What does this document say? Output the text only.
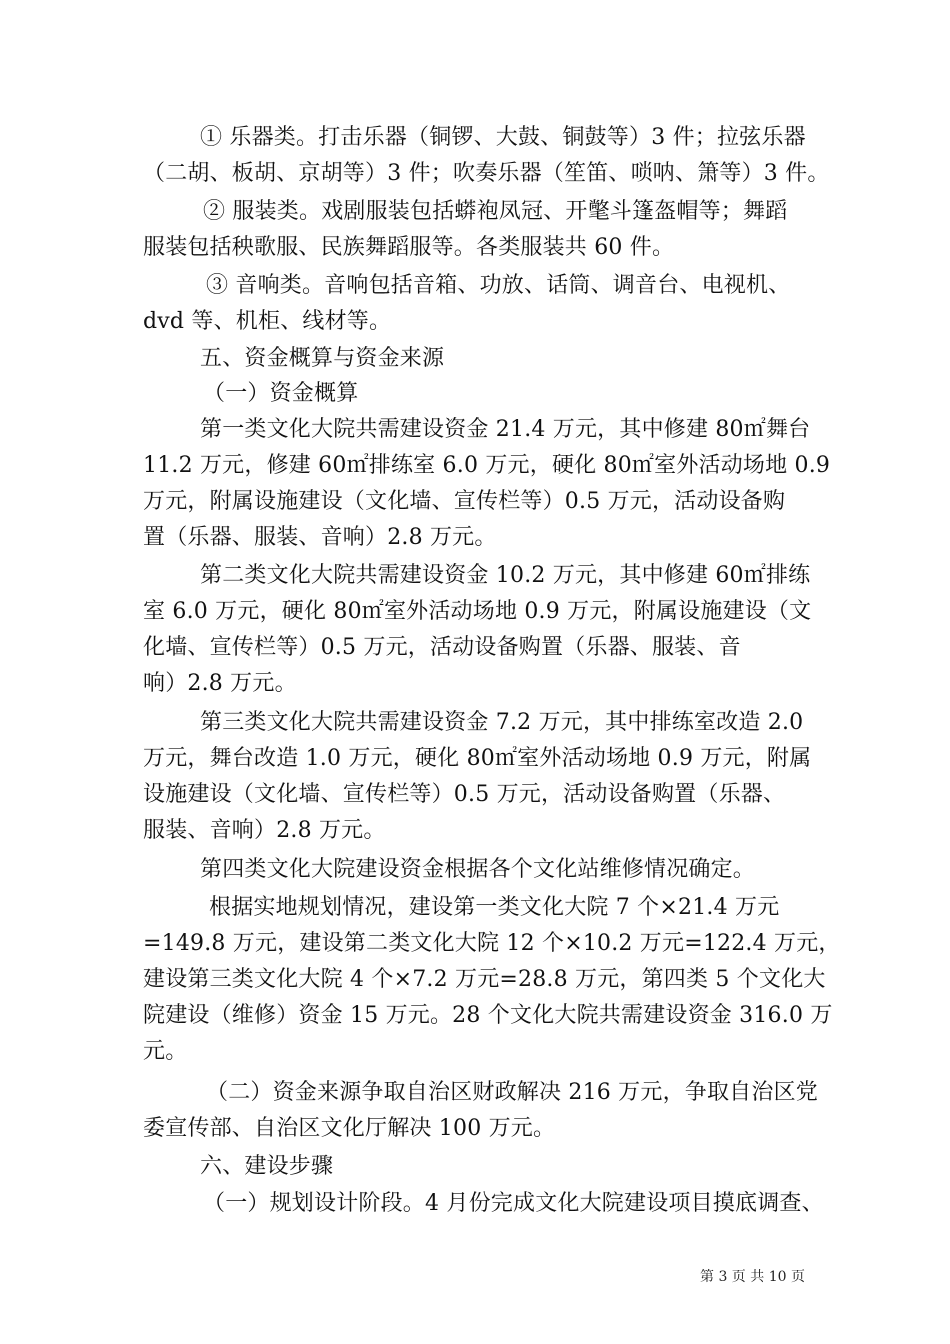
① 乐器类。打击乐器（铜锣、大鼓、铜鼓等）3 件；拉弦乐器
（二胡、板胡、京胡等）3 件；吹奏乐器（笙笛、唢呐、箫等）3 件。
② 服装类。戏剧服装包括蟒袍凤冠、开氅斗篷盔帽等；舞蹈
服装包括秧歌服、民族舞蹈服等。各类服装共 60 件。
③ 音响类。音响包括音箱、功放、话筒、调音台、电视机、
dvd 等、机柜、线材等。
五、资金概算与资金来源
（一）资金概算
第一类文化大院共需建设资金 21.4 万元，其中修建 80㎡舞台
11.2 万元，修建 60㎡排练室 6.0 万元，硬化 80㎡室外活动场地 0.9
万元，附属设施建设（文化墙、宣传栏等）0.5 万元，活动设备购
置（乐器、服装、音响）2.8 万元。
第二类文化大院共需建设资金 10.2 万元，其中修建 60㎡排练
室 6.0 万元，硬化 80㎡室外活动场地 0.9 万元，附属设施建设（文
化墙、宣传栏等）0.5 万元，活动设备购置（乐器、服装、音
响）2.8 万元。
第三类文化大院共需建设资金 7.2 万元，其中排练室改造 2.0
万元，舞台改造 1.0 万元，硬化 80㎡室外活动场地 0.9 万元，附属
设施建设（文化墙、宣传栏等）0.5 万元，活动设备购置（乐器、
服装、音响）2.8 万元。
第四类文化大院建设资金根据各个文化站维修情况确定。
根据实地规划情况，建设第一类文化大院 7 个×21.4 万元
=149.8 万元，建设第二类文化大院 12 个×10.2 万元=122.4 万元，
建设第三类文化大院 4 个×7.2 万元=28.8 万元，第四类 5 个文化大
院建设（维修）资金 15 万元。28 个文化大院共需建设资金 316.0 万
元。
（二）资金来源争取自治区财政解决 216 万元，争取自治区党
委宣传部、自治区文化厅解决 100 万元。
六、建设步骤
（一）规划设计阶段。4 月份完成文化大院建设项目摸底调查、
第 3 页 共 10 页
